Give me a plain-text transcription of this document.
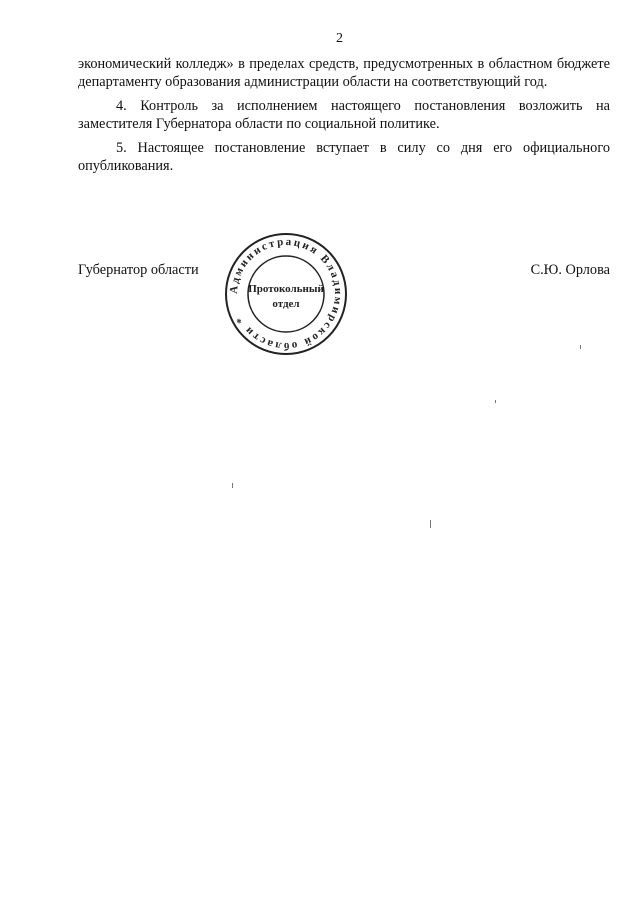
2

экономический колледж» в пределах средств, предусмотренных в областном бюджете департаменту образования администрации области на соответствующий год.

4. Контроль за исполнением настоящего постановления возложить на заместителя Губернатора области по социальной политике.

5. Настоящее постановление вступает в силу со дня его официального опубликования.

Губернатор области	С.Ю. Орлова
Администрация Владимирской области *
Протокольный
отдел
